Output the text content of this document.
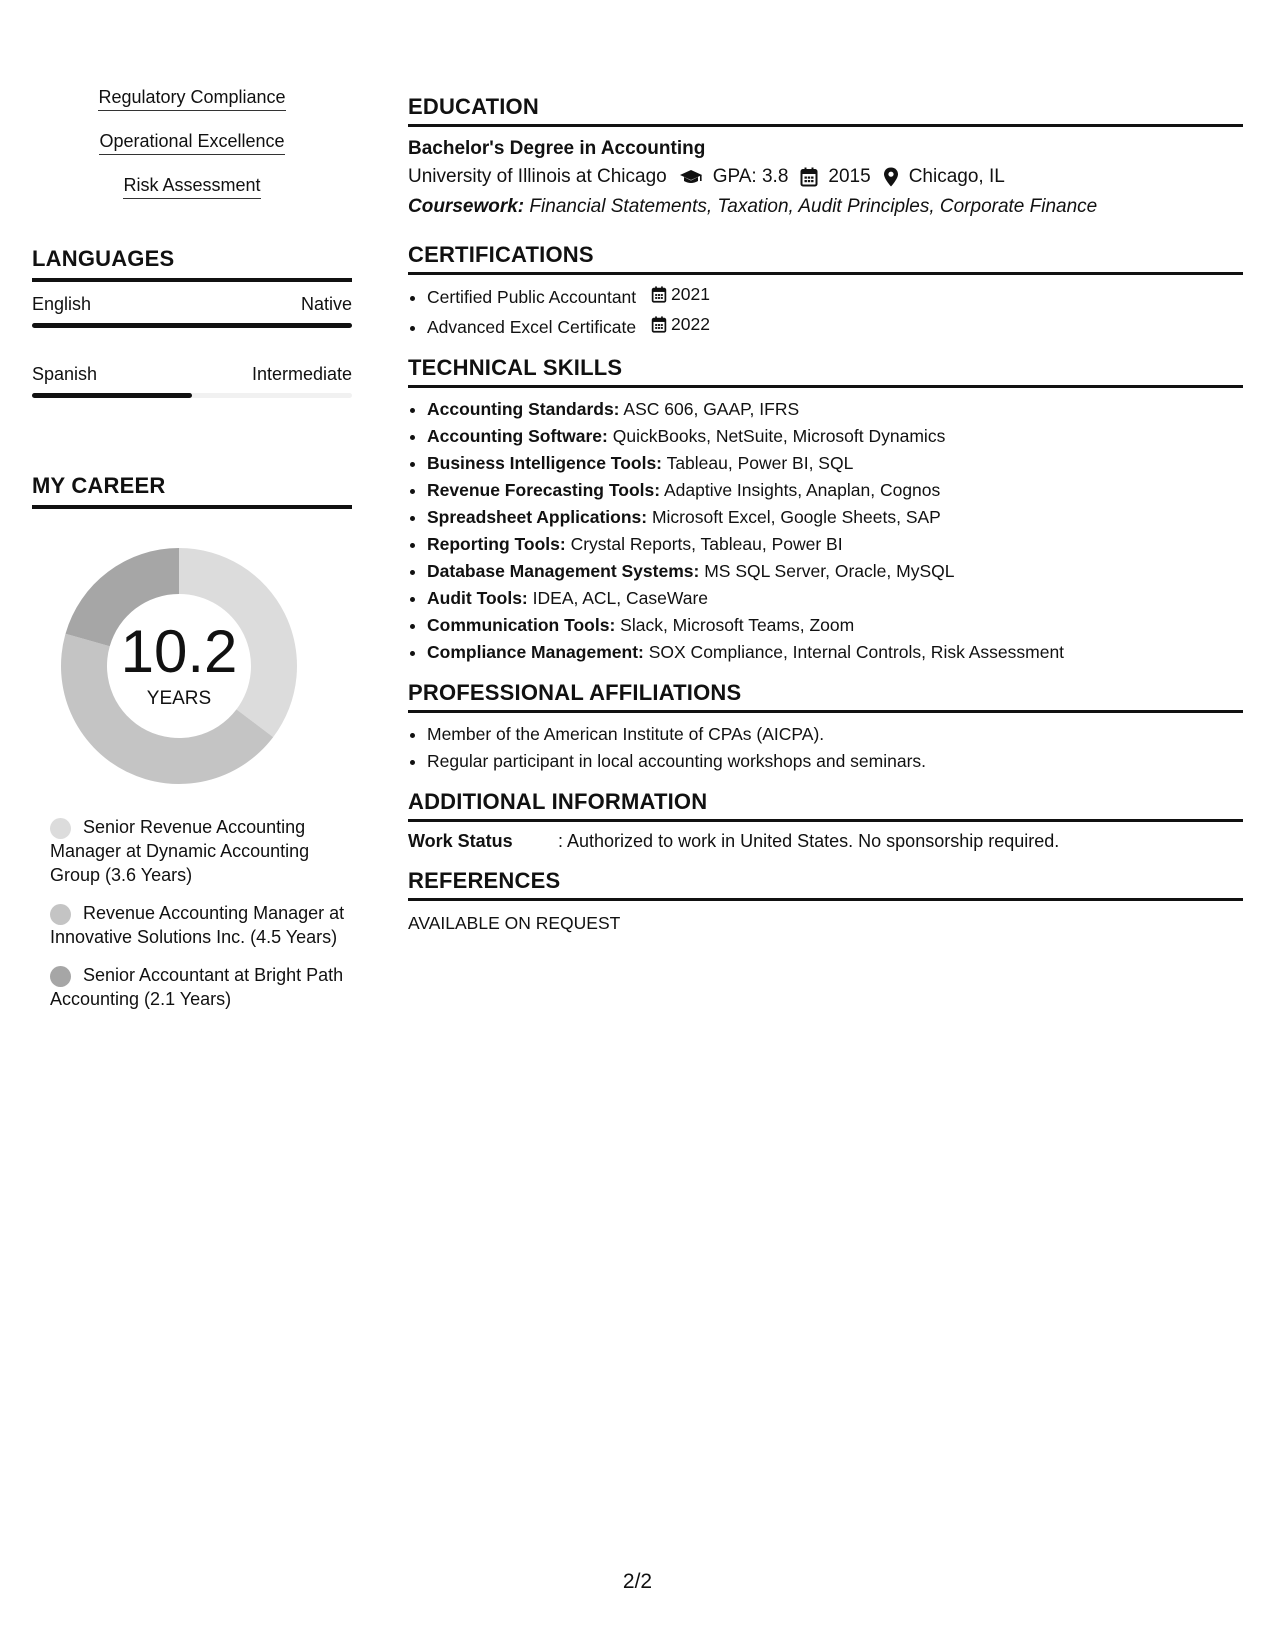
Regulatory Compliance
Operational Excellence
Risk Assessment
LANGUAGES
English	Native
Spanish	Intermediate
MY CAREER
10.2
YEARS
Senior Revenue Accounting Manager at Dynamic Accounting Group (3.6 Years)
Revenue Accounting Manager at Innovative Solutions Inc. (4.5 Years)
Senior Accountant at Bright Path Accounting (2.1 Years)
EDUCATION
Bachelor's Degree in Accounting
University of Illinois at Chicago GPA: 3.8 2015 Chicago, IL
Coursework: Financial Statements, Taxation, Audit Principles, Corporate Finance
CERTIFICATIONS
• Certified Public Accountant 2021
• Advanced Excel Certificate 2022
TECHNICAL SKILLS
• Accounting Standards: ASC 606, GAAP, IFRS
• Accounting Software: QuickBooks, NetSuite, Microsoft Dynamics
• Business Intelligence Tools: Tableau, Power BI, SQL
• Revenue Forecasting Tools: Adaptive Insights, Anaplan, Cognos
• Spreadsheet Applications: Microsoft Excel, Google Sheets, SAP
• Reporting Tools: Crystal Reports, Tableau, Power BI
• Database Management Systems: MS SQL Server, Oracle, MySQL
• Audit Tools: IDEA, ACL, CaseWare
• Communication Tools: Slack, Microsoft Teams, Zoom
• Compliance Management: SOX Compliance, Internal Controls, Risk Assessment
PROFESSIONAL AFFILIATIONS
• Member of the American Institute of CPAs (AICPA).
• Regular participant in local accounting workshops and seminars.
ADDITIONAL INFORMATION
Work Status	: Authorized to work in United States. No sponsorship required.
REFERENCES
AVAILABLE ON REQUEST
2/2
